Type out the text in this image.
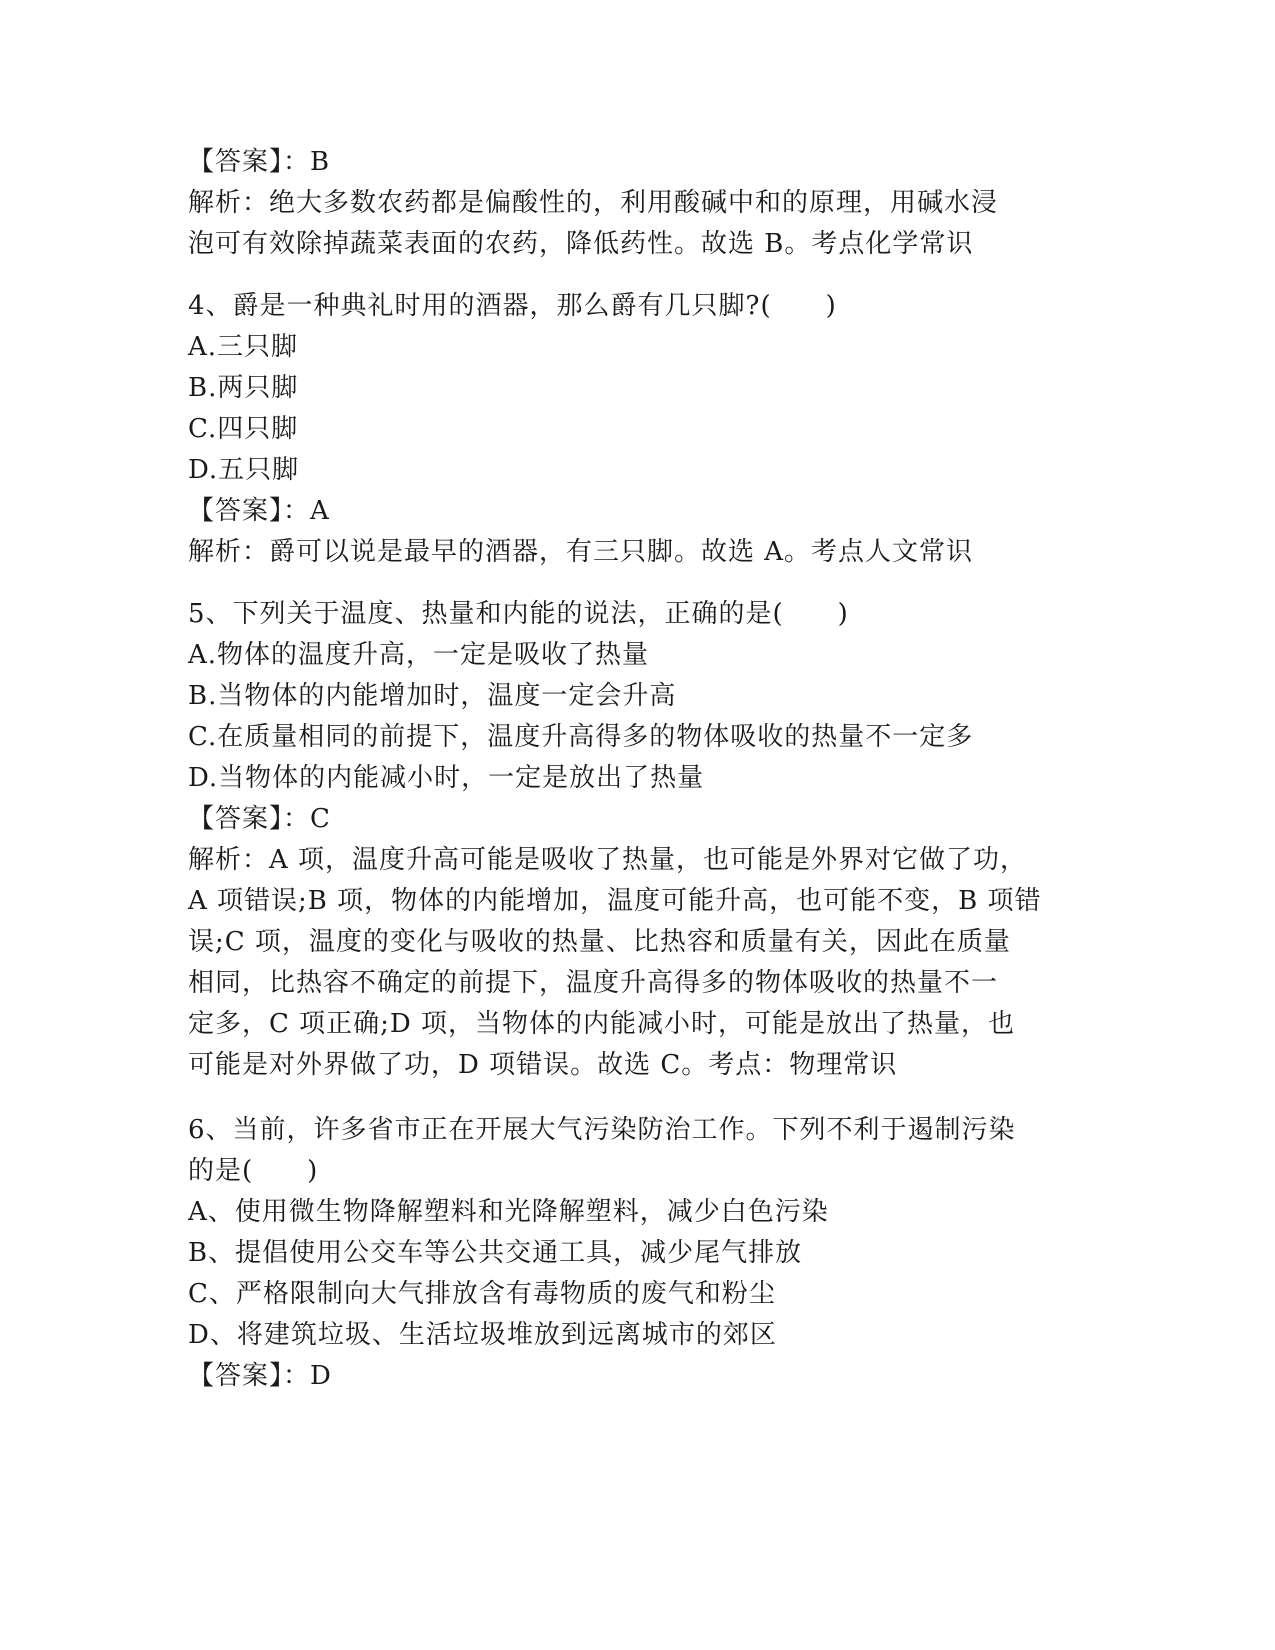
【答案】：B
解析：绝大多数农药都是偏酸性的，利用酸碱中和的原理，用碱水浸
泡可有效除掉蔬菜表面的农药，降低药性。故选 B。考点化学常识
4、爵是一种典礼时用的酒器，那么爵有几只脚?(　　)
A.三只脚
B.两只脚
C.四只脚
D.五只脚
【答案】：A
解析：爵可以说是最早的酒器，有三只脚。故选 A。考点人文常识
5、下列关于温度、热量和内能的说法，正确的是(　　)
A.物体的温度升高，一定是吸收了热量
B.当物体的内能增加时，温度一定会升高
C.在质量相同的前提下，温度升高得多的物体吸收的热量不一定多
D.当物体的内能减小时，一定是放出了热量
【答案】：C
解析：A 项，温度升高可能是吸收了热量，也可能是外界对它做了功，
A 项错误;B 项，物体的内能增加，温度可能升高，也可能不变，B 项错
误;C 项，温度的变化与吸收的热量、比热容和质量有关，因此在质量
相同，比热容不确定的前提下，温度升高得多的物体吸收的热量不一
定多，C 项正确;D 项，当物体的内能减小时，可能是放出了热量，也
可能是对外界做了功，D 项错误。故选 C。考点：物理常识
6、当前，许多省市正在开展大气污染防治工作。下列不利于遏制污染
的是(　　)
A、使用微生物降解塑料和光降解塑料，减少白色污染
B、提倡使用公交车等公共交通工具，减少尾气排放
C、严格限制向大气排放含有毒物质的废气和粉尘
D、将建筑垃圾、生活垃圾堆放到远离城市的郊区
【答案】：D
